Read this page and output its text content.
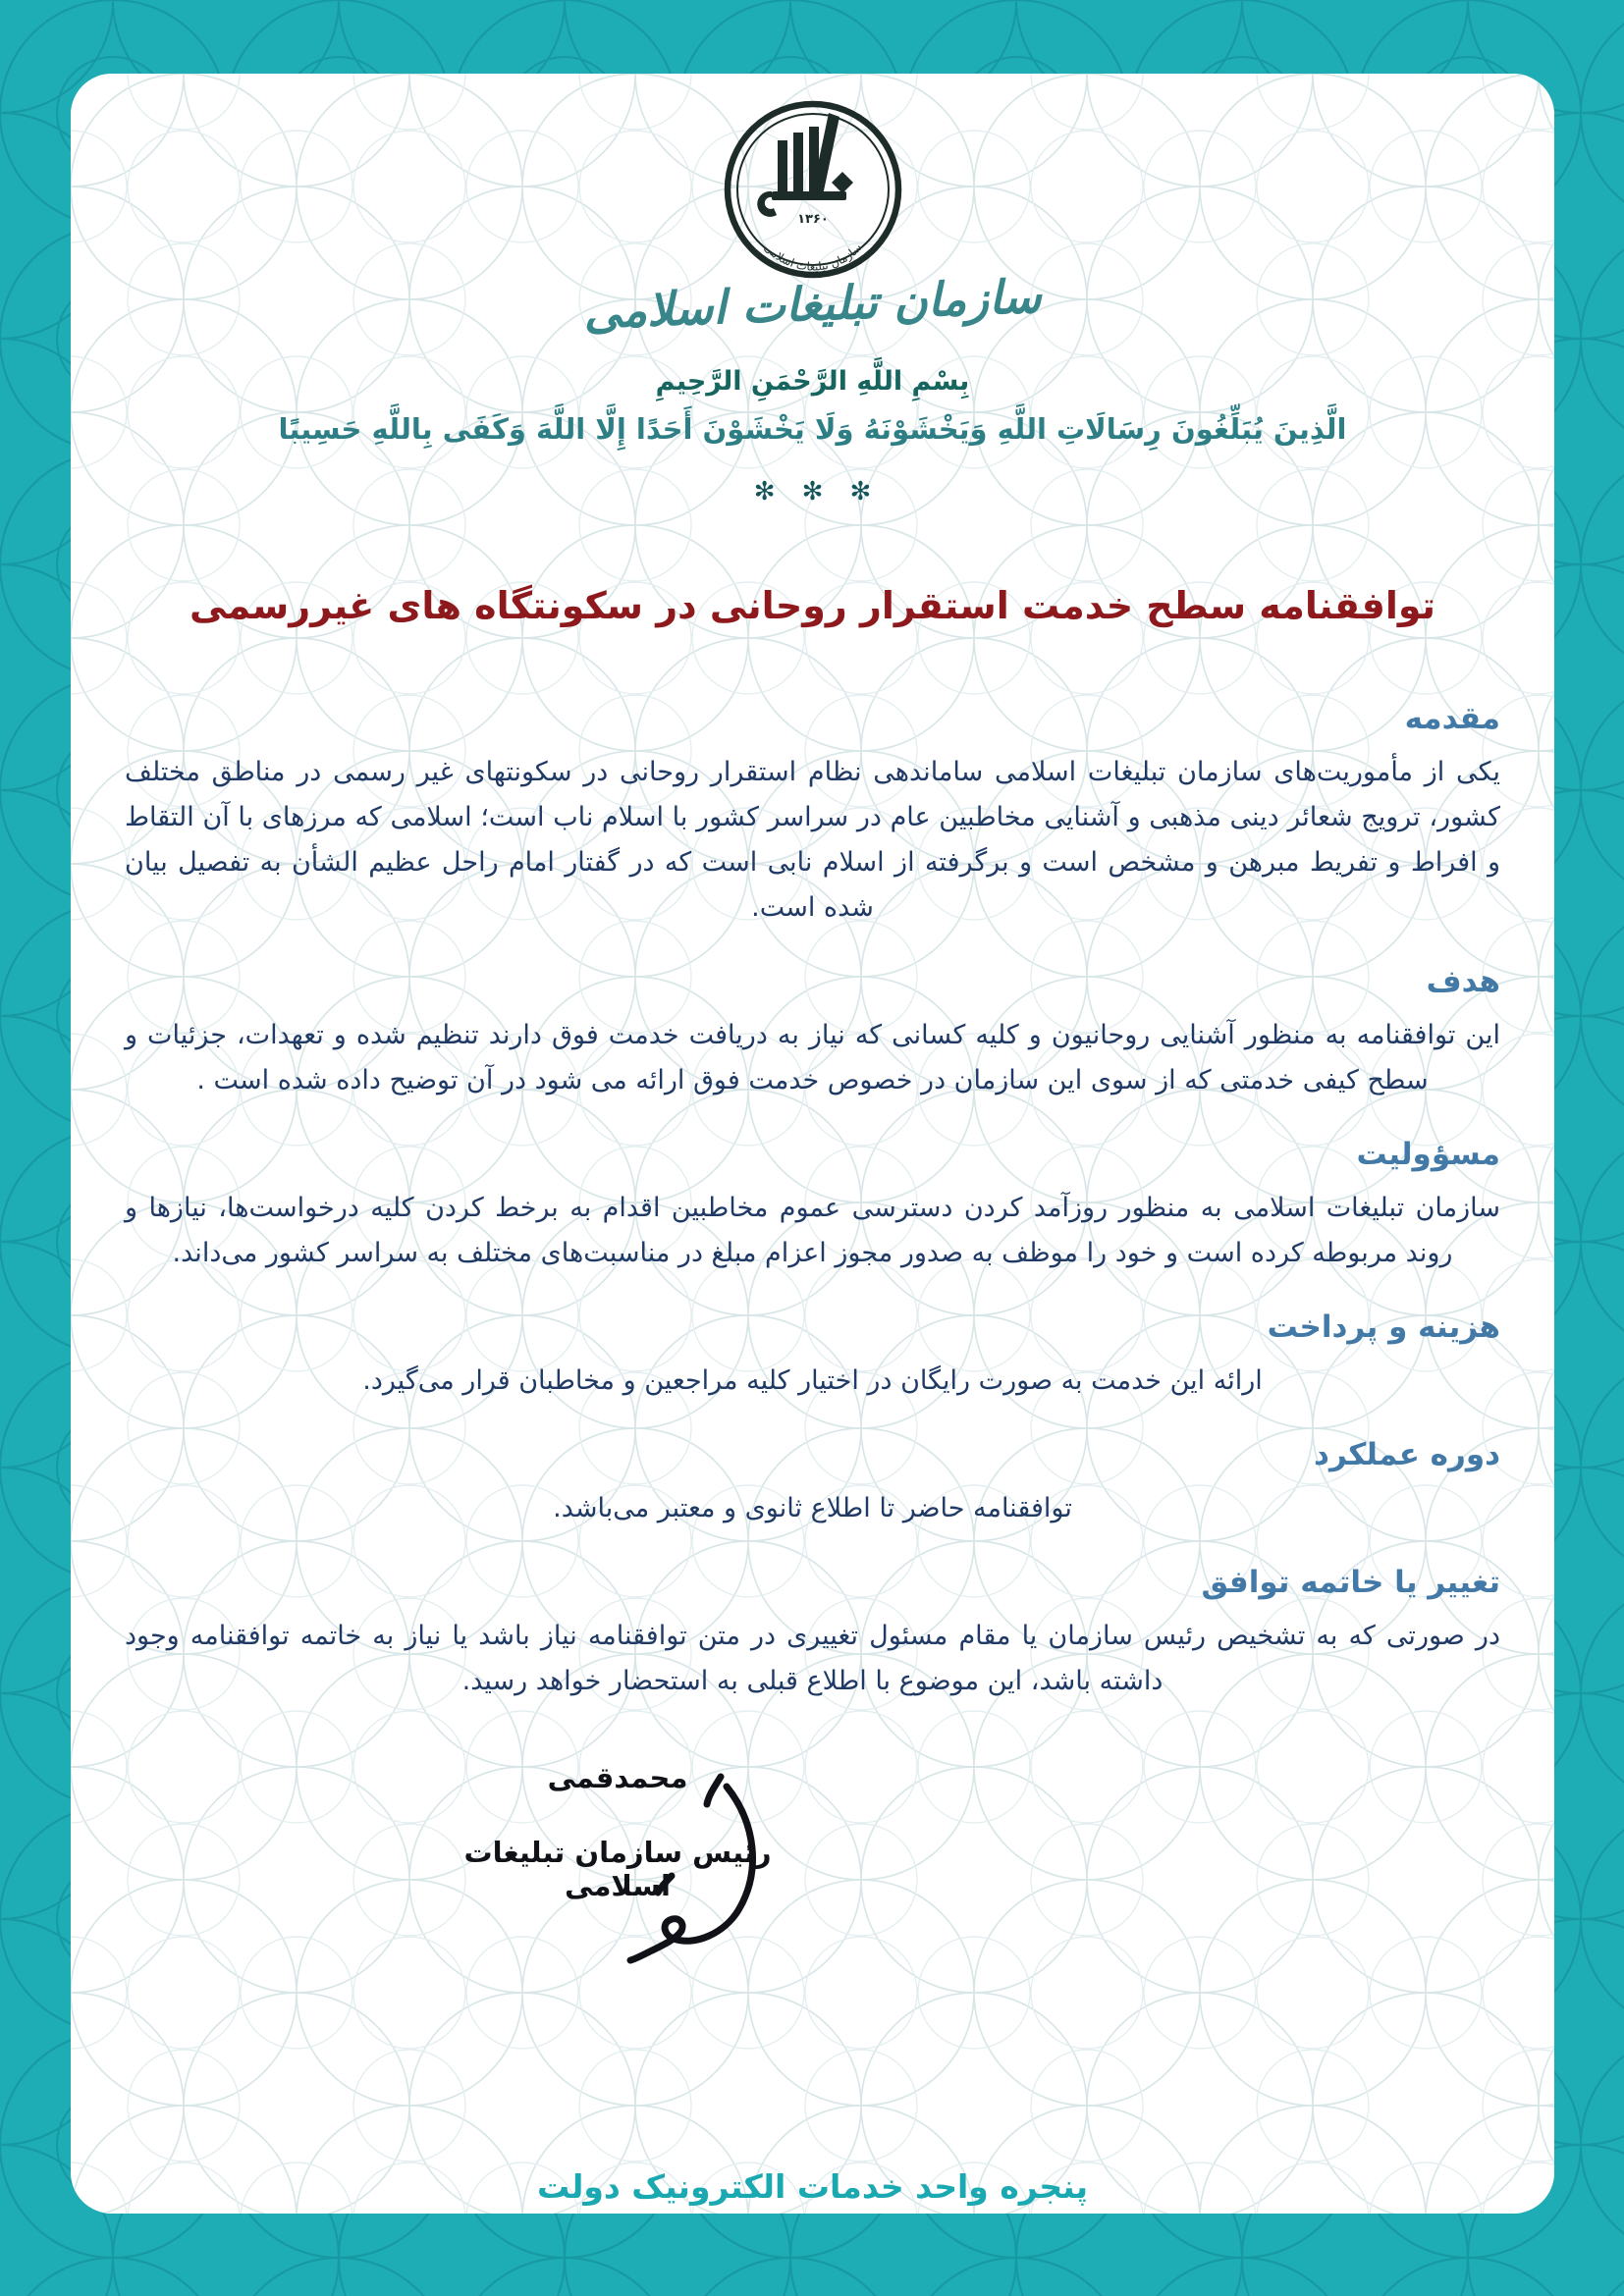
۱۳۶۰
سازمان تبلیغات اسلامی
سازمان تبلیغات اسلامی
بِسْمِ اللَّهِ الرَّحْمَنِ الرَّحِيمِ
الَّذِينَ يُبَلِّغُونَ رِسَالَاتِ اللَّهِ وَيَخْشَوْنَهُ وَلَا يَخْشَوْنَ أَحَدًا إِلَّا اللَّهَ وَكَفَى بِاللَّهِ حَسِيبًا
✻ ✻ ✻
توافقنامه سطح خدمت استقرار روحانی در سکونتگاه های غیررسمی
مقدمه

یکی از مأموریت‌های سازمان تبلیغات اسلامی ساماندهی نظام استقرار روحانی در سکونتهای غیر رسمی در مناطق مختلف کشور، ترویج شعائر دینی مذهبی و آشنایی مخاطبین عام در سراسر کشور با اسلام ناب است؛ اسلامی که مرزهای با آن التقاط و افراط و تفریط مبرهن و مشخص است و برگرفته از اسلام نابی است که در گفتار امام راحل عظیم الشأن به تفصیل بیان شده است.

هدف

این توافقنامه به منظور آشنایی روحانیون و کلیه کسانی که نیاز به دریافت خدمت فوق دارند تنظیم شده و تعهدات، جزئیات و سطح کیفی خدمتی که از سوی این سازمان در خصوص خدمت فوق ارائه می شود در آن توضیح داده شده است .

مسؤولیت

سازمان تبلیغات اسلامی به منظور روزآمد کردن دسترسی عموم مخاطبین اقدام به برخط کردن کلیه درخواست‌ها، نیازها و روند مربوطه کرده است و خود را موظف به صدور مجوز اعزام مبلغ در مناسبت‌های مختلف به سراسر کشور می‌داند.

هزینه و پرداخت

ارائه این خدمت به صورت رایگان در اختیار کلیه مراجعین و مخاطبان قرار می‌گیرد.

دوره عملکرد

توافقنامه حاضر تا اطلاع ثانوی و معتبر می‌باشد.

تغییر یا خاتمه توافق

در صورتی که به تشخیص رئیس سازمان یا مقام مسئول تغییری در متن توافقنامه نیاز باشد یا نیاز به خاتمه توافقنامه وجود داشته باشد، این موضوع با اطلاع قبلی به استحضار خواهد رسید.

محمدقمی
رئیس سازمان تبلیغات اسلامی
پنجره واحد خدمات الکترونیک دولت
